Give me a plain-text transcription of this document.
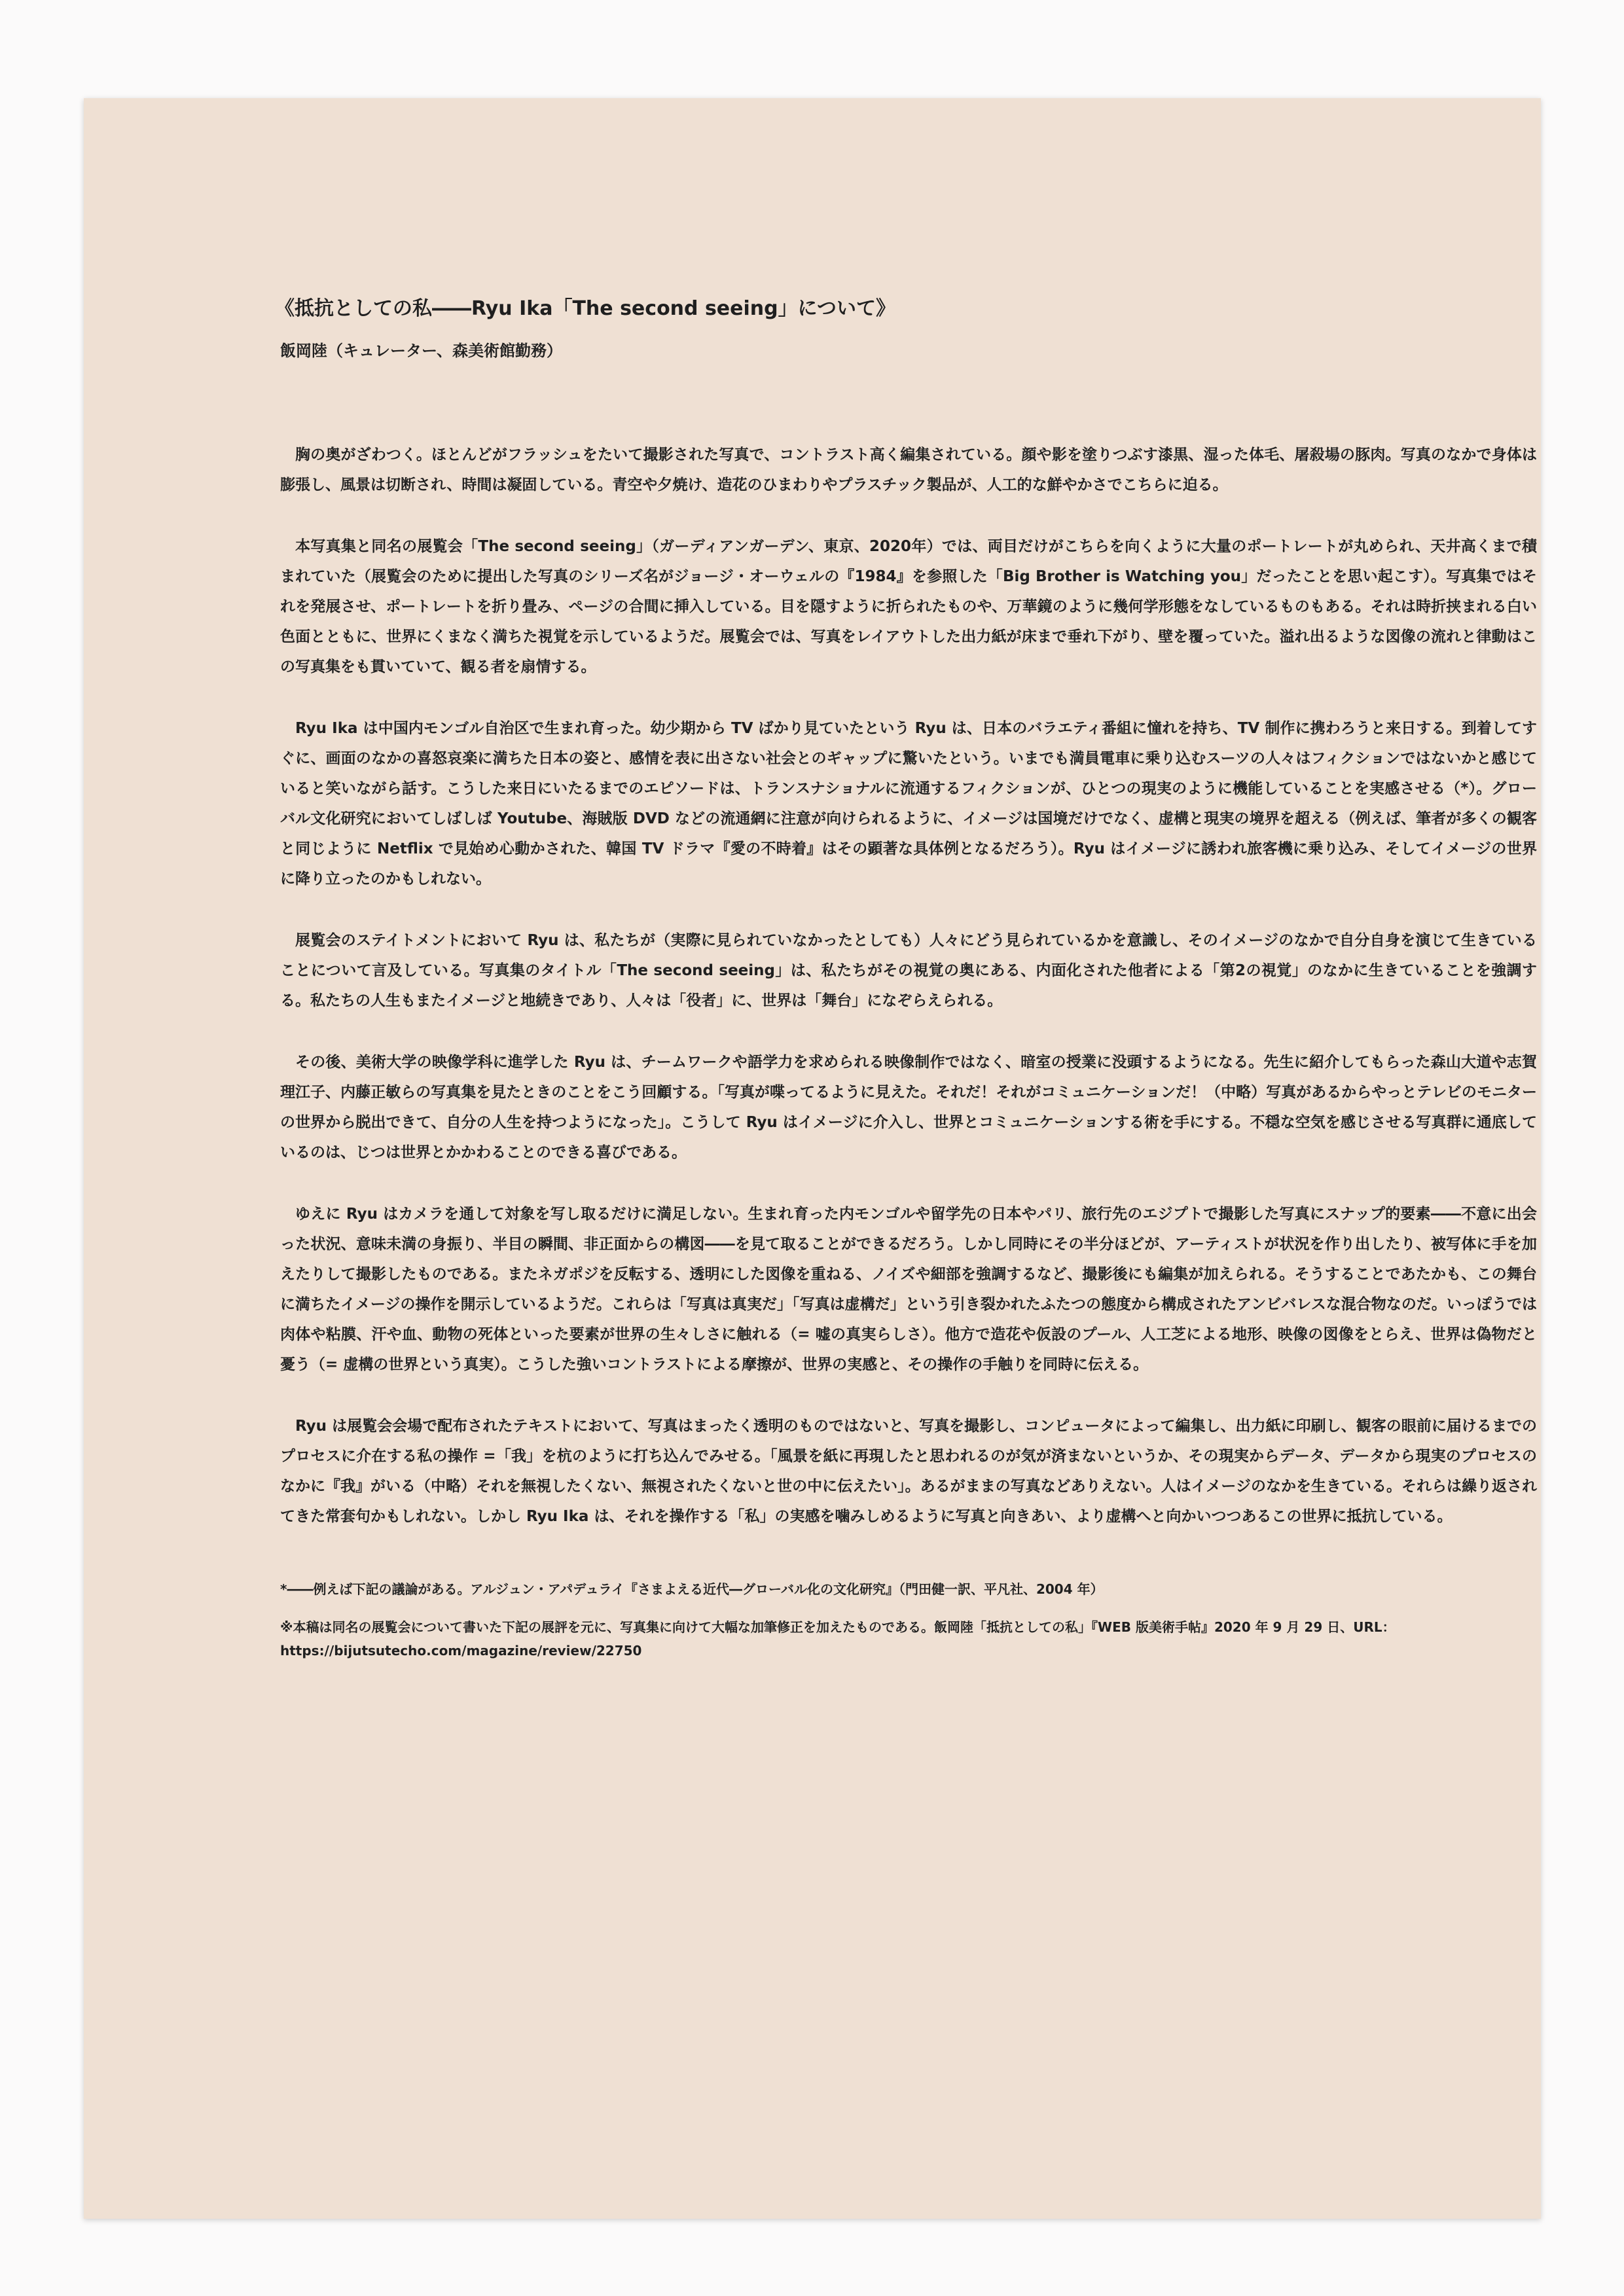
《抵抗としての私――Ryu Ika「The second seeing」について》
飯岡陸（キュレーター、森美術館勤務）

胸の奥がざわつく。ほとんどがフラッシュをたいて撮影された写真で、コントラスト高く編集されている。顔や影を塗りつぶす漆黒、湿った体毛、屠殺場の豚肉。写真のなかで身体は膨張し、風景は切断され、時間は凝固している。青空や夕焼け、造花のひまわりやプラスチック製品が、人工的な鮮やかさでこちらに迫る。

本写真集と同名の展覧会「The second seeing」（ガーディアンガーデン、東京、2020年）では、両目だけがこちらを向くように大量のポートレートが丸められ、天井高くまで積まれていた（展覧会のために提出した写真のシリーズ名がジョージ・オーウェルの『1984』を参照した「Big Brother is Watching you」だったことを思い起こす）。写真集ではそれを発展させ、ポートレートを折り畳み、ページの合間に挿入している。目を隠すように折られたものや、万華鏡のように幾何学形態をなしているものもある。それは時折挟まれる白い色面とともに、世界にくまなく満ちた視覚を示しているようだ。展覧会では、写真をレイアウトした出力紙が床まで垂れ下がり、壁を覆っていた。溢れ出るような図像の流れと律動はこの写真集をも貫いていて、観る者を扇情する。

Ryu Ika は中国内モンゴル自治区で生まれ育った。幼少期から TV ばかり見ていたという Ryu は、日本のバラエティ番組に憧れを持ち、TV 制作に携わろうと来日する。到着してすぐに、画面のなかの喜怒哀楽に満ちた日本の姿と、感情を表に出さない社会とのギャップに驚いたという。いまでも満員電車に乗り込むスーツの人々はフィクションではないかと感じていると笑いながら話す。こうした来日にいたるまでのエピソードは、トランスナショナルに流通するフィクションが、ひとつの現実のように機能していることを実感させる（*）。グローバル文化研究においてしばしば Youtube、海賊版 DVD などの流通網に注意が向けられるように、イメージは国境だけでなく、虚構と現実の境界を超える（例えば、筆者が多くの観客と同じように Netflix で見始め心動かされた、韓国 TV ドラマ『愛の不時着』はその顕著な具体例となるだろう）。Ryu はイメージに誘われ旅客機に乗り込み、そしてイメージの世界に降り立ったのかもしれない。

展覧会のステイトメントにおいて Ryu は、私たちが（実際に見られていなかったとしても）人々にどう見られているかを意識し、そのイメージのなかで自分自身を演じて生きていることについて言及している。写真集のタイトル「The second seeing」は、私たちがその視覚の奥にある、内面化された他者による「第2の視覚」のなかに生きていることを強調する。私たちの人生もまたイメージと地続きであり、人々は「役者」に、世界は「舞台」になぞらえられる。

その後、美術大学の映像学科に進学した Ryu は、チームワークや語学力を求められる映像制作ではなく、暗室の授業に没頭するようになる。先生に紹介してもらった森山大道や志賀理江子、内藤正敏らの写真集を見たときのことをこう回顧する。「写真が喋ってるように見えた。それだ！それがコミュニケーションだ！（中略）写真があるからやっとテレビのモニターの世界から脱出できて、自分の人生を持つようになった」。こうして Ryu はイメージに介入し、世界とコミュニケーションする術を手にする。不穏な空気を感じさせる写真群に通底しているのは、じつは世界とかかわることのできる喜びである。

ゆえに Ryu はカメラを通して対象を写し取るだけに満足しない。生まれ育った内モンゴルや留学先の日本やパリ、旅行先のエジプトで撮影した写真にスナップ的要素――不意に出会った状況、意味未満の身振り、半目の瞬間、非正面からの構図――を見て取ることができるだろう。しかし同時にその半分ほどが、アーティストが状況を作り出したり、被写体に手を加えたりして撮影したものである。またネガポジを反転する、透明にした図像を重ねる、ノイズや細部を強調するなど、撮影後にも編集が加えられる。そうすることであたかも、この舞台に満ちたイメージの操作を開示しているようだ。これらは「写真は真実だ」「写真は虚構だ」という引き裂かれたふたつの態度から構成されたアンビバレスな混合物なのだ。いっぽうでは肉体や粘膜、汗や血、動物の死体といった要素が世界の生々しさに触れる（= 嘘の真実らしさ）。他方で造花や仮設のプール、人工芝による地形、映像の図像をとらえ、世界は偽物だと憂う（= 虚構の世界という真実）。こうした強いコントラストによる摩擦が、世界の実感と、その操作の手触りを同時に伝える。

Ryu は展覧会会場で配布されたテキストにおいて、写真はまったく透明のものではないと、写真を撮影し、コンピュータによって編集し、出力紙に印刷し、観客の眼前に届けるまでのプロセスに介在する私の操作 =「我」を杭のように打ち込んでみせる。「風景を紙に再現したと思われるのが気が済まないというか、その現実からデータ、データから現実のプロセスのなかに『我』がいる（中略）それを無視したくない、無視されたくないと世の中に伝えたい」。あるがままの写真などありえない。人はイメージのなかを生きている。それらは繰り返されてきた常套句かもしれない。しかし Ryu Ika は、それを操作する「私」の実感を噛みしめるように写真と向きあい、より虚構へと向かいつつあるこの世界に抵抗している。

*――例えば下記の議論がある。アルジュン・アパデュライ『さまよえる近代―グローバル化の文化研究』（門田健一訳、平凡社、2004 年）
※本稿は同名の展覧会について書いた下記の展評を元に、写真集に向けて大幅な加筆修正を加えたものである。飯岡陸「抵抗としての私」『WEB 版美術手帖』2020 年 9 月 29 日、URL：https://bijutsutecho.com/magazine/review/22750
